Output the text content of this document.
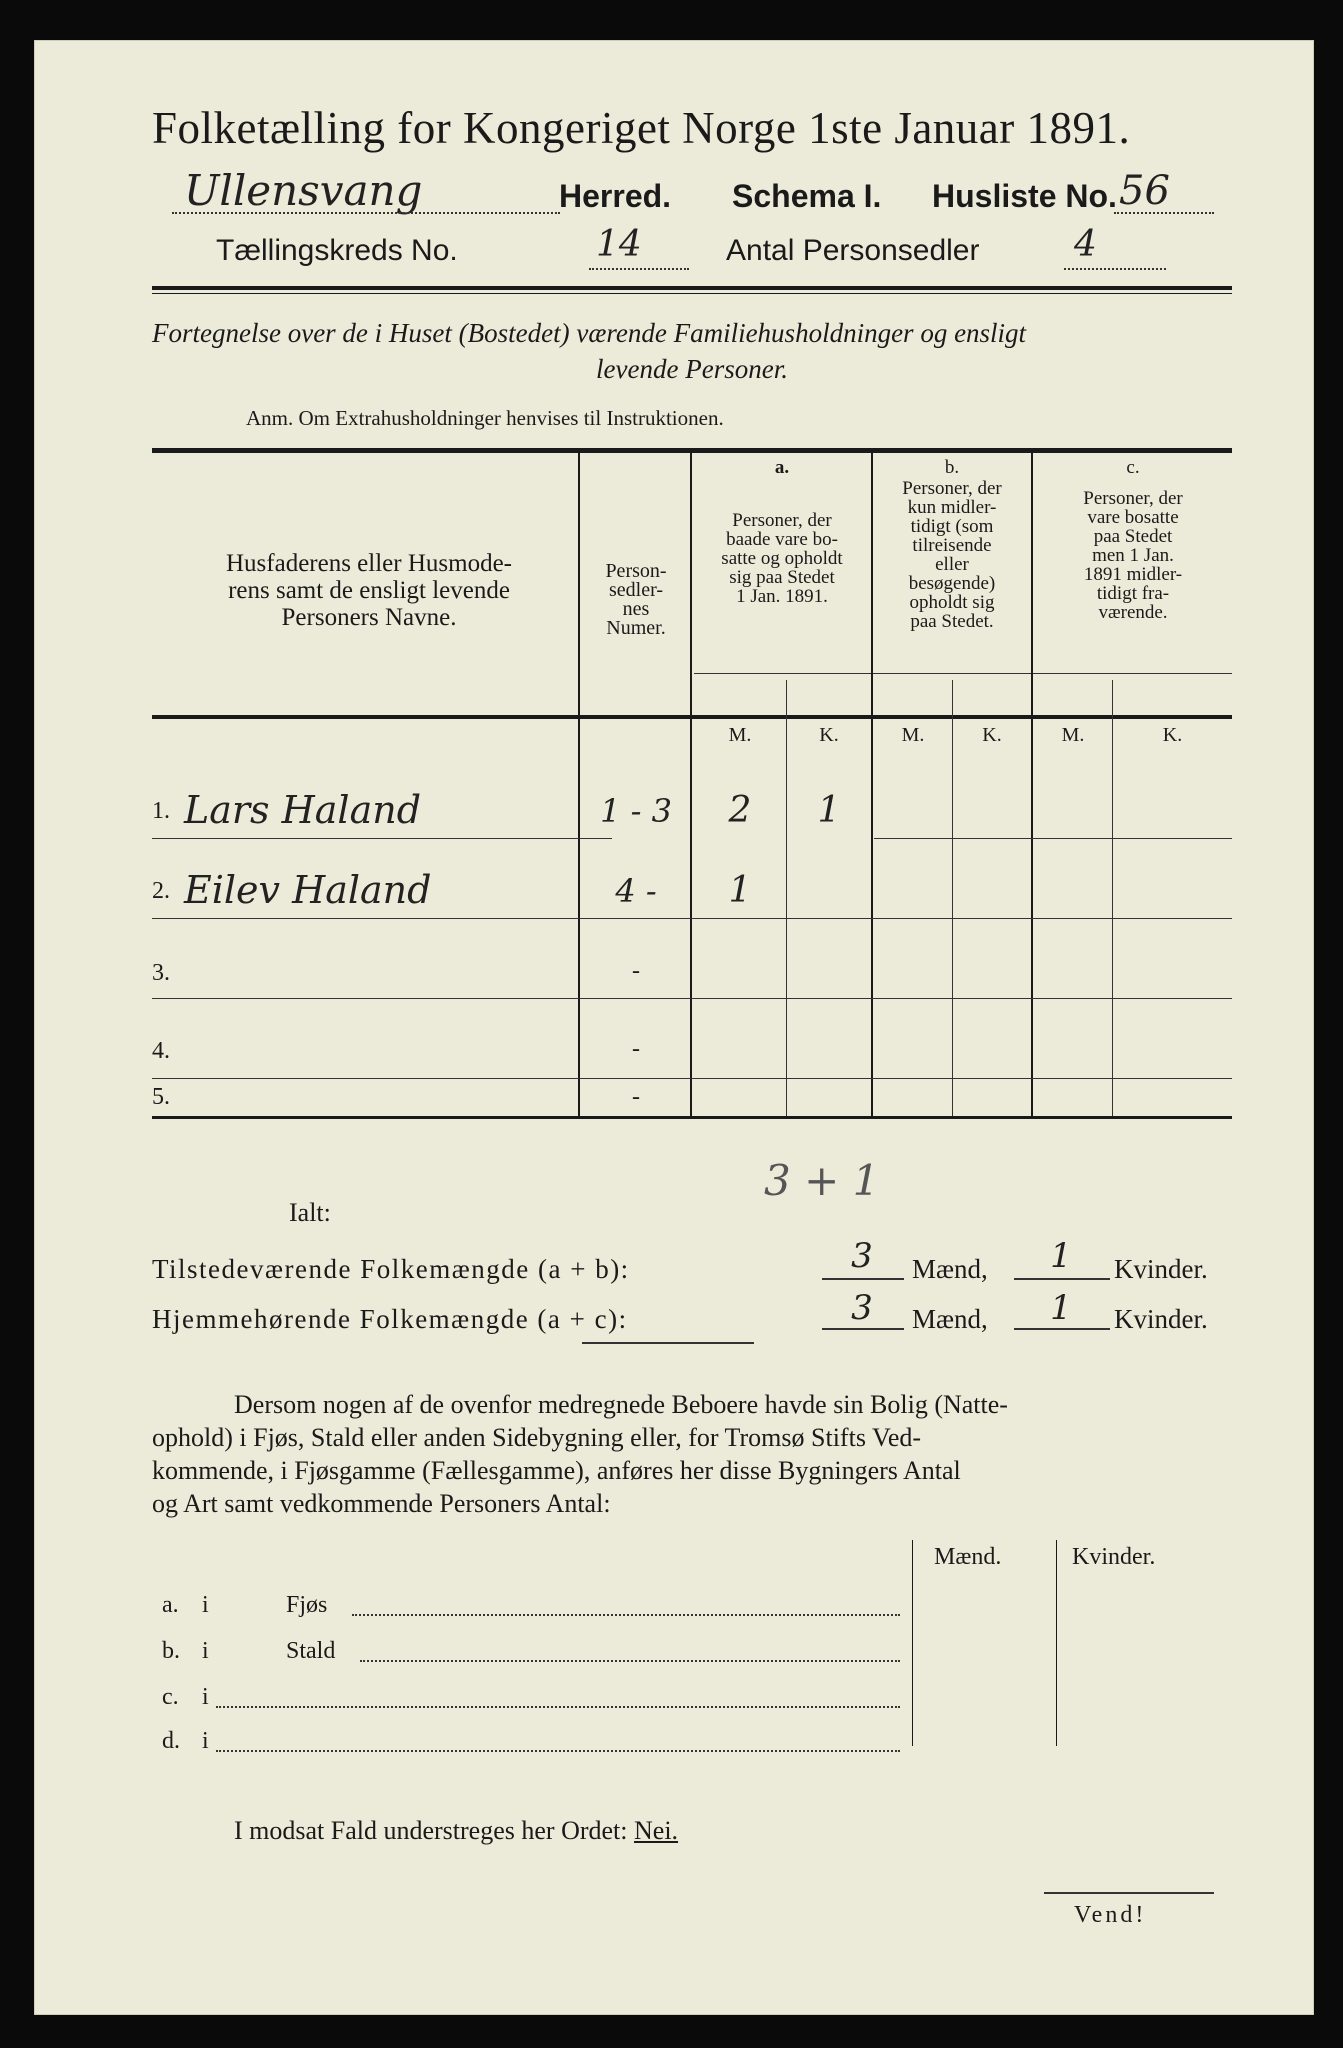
Folketælling for Kongeriget Norge 1ste Januar 1891.
Ullensvang	Herred. Schema I. Husliste No. 56
Tællingskreds No.	14	Antal Personsedler	4
Fortegnelse over de i Huset (Bostedet) værende Familiehusholdninger og ensligt
levende Personer.
Anm. Om Extrahusholdninger henvises til Instruktionen.
Husfaderens eller Husmode-
rens samt de ensligt levende
Personers Navne.
Person-
sedler-
nes
Numer.
a.
Personer, der
baade vare bo-
satte og opholdt
sig paa Stedet
1 Jan. 1891.
b.
Personer, der
kun midler-
tidigt (som
tilreisende
eller
besøgende)
opholdt sig
paa Stedet.
c.
Personer, der
vare bosatte
paa Stedet
men 1 Jan.
1891 midler-
tidigt fra-
værende.
M.	K.	M.	K.	M.	K.
1. Lars Haland	1 - 3	2	1
2. Eilev Haland	4 -	1
3.	-
4.	-
5.	-
3 + 1
Ialt:
Tilstedeværende Folkemængde (a + b):	3	Mænd,	1	Kvinder.
Hjemmehørende Folkemængde (a + c):	3	Mænd,	1	Kvinder.
Dersom nogen af de ovenfor medregnede Beboere havde sin Bolig (Natte-
ophold) i Fjøs, Stald eller anden Sidebygning eller, for Tromsø Stifts Ved-
kommende, i Fjøsgamme (Fællesgamme), anføres her disse Bygningers Antal
og Art samt vedkommende Personers Antal:
Mænd.	Kvinder.
a. i	Fjøs
b. i	Stald
c. i
d. i
I modsat Fald understreges her Ordet: Nei.
Vend!
